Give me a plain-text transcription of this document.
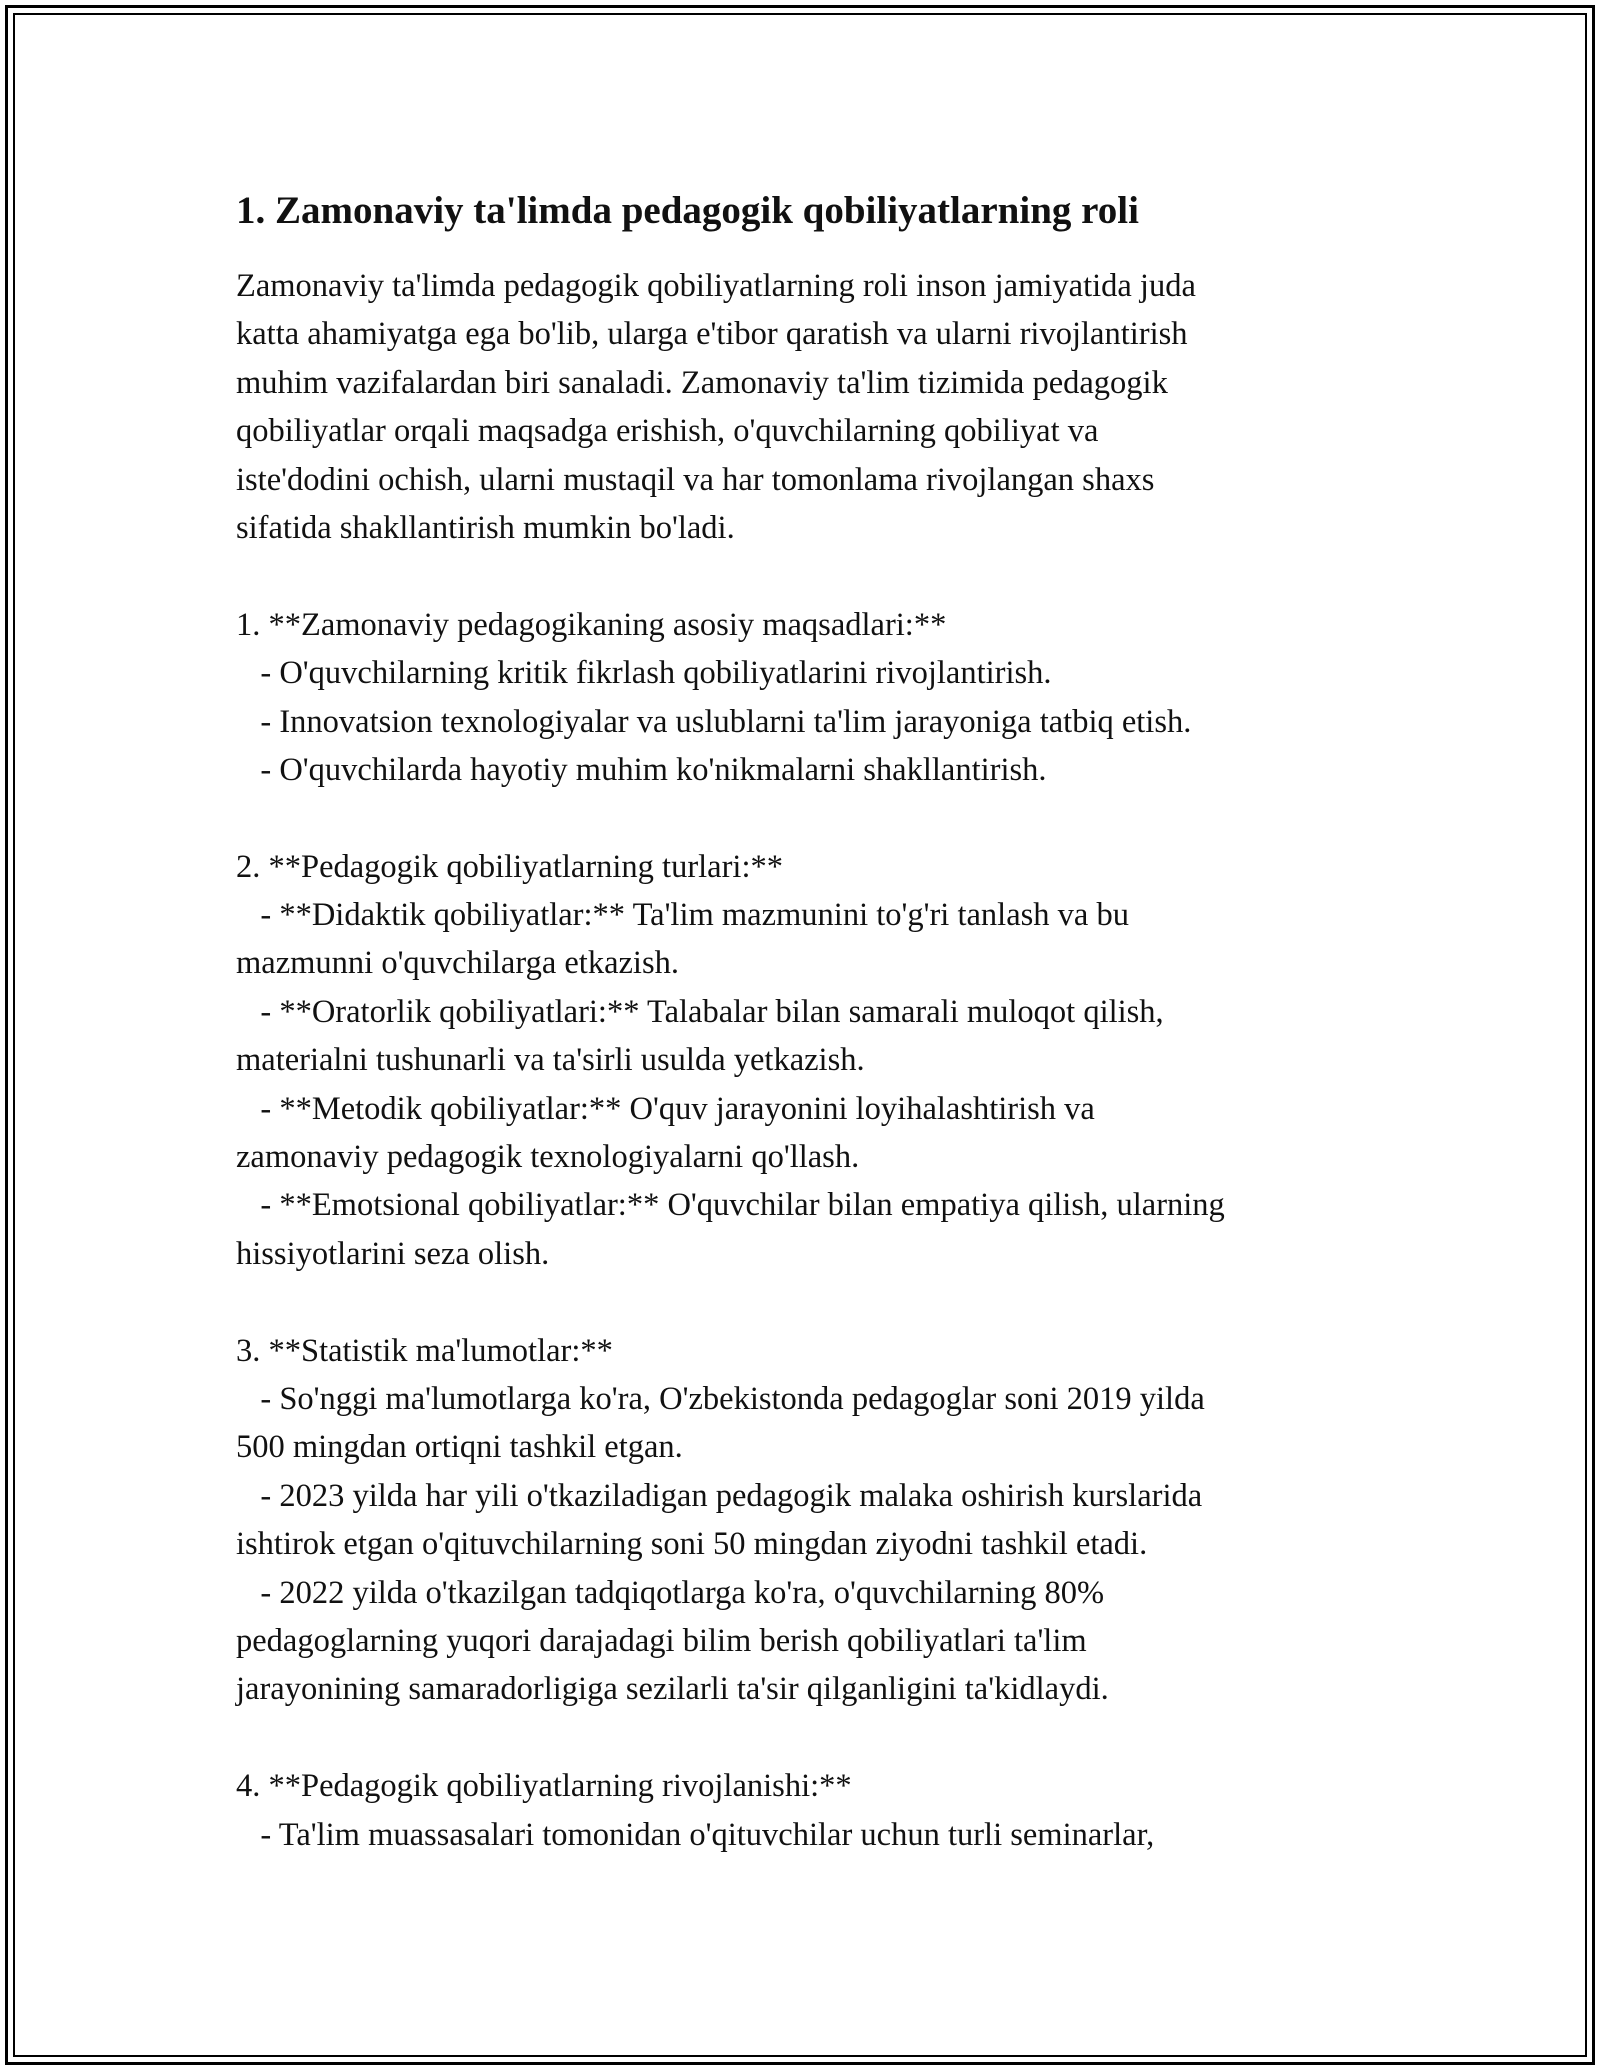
1. Zamonaviy ta'limda pedagogik qobiliyatlarning roli
Zamonaviy ta'limda pedagogik qobiliyatlarning roli inson jamiyatida juda
katta ahamiyatga ega bo'lib, ularga e'tibor qaratish va ularni rivojlantirish
muhim vazifalardan biri sanaladi. Zamonaviy ta'lim tizimida pedagogik
qobiliyatlar orqali maqsadga erishish, o'quvchilarning qobiliyat va
iste'dodini ochish, ularni mustaqil va har tomonlama rivojlangan shaxs
sifatida shakllantirish mumkin bo'ladi.
1. **Zamonaviy pedagogikaning asosiy maqsadlari:**
- O'quvchilarning kritik fikrlash qobiliyatlarini rivojlantirish.
- Innovatsion texnologiyalar va uslublarni ta'lim jarayoniga tatbiq etish.
- O'quvchilarda hayotiy muhim ko'nikmalarni shakllantirish.
2. **Pedagogik qobiliyatlarning turlari:**
- **Didaktik qobiliyatlar:** Ta'lim mazmunini to'g'ri tanlash va bu
mazmunni o'quvchilarga etkazish.
- **Oratorlik qobiliyatlari:** Talabalar bilan samarali muloqot qilish,
materialni tushunarli va ta'sirli usulda yetkazish.
- **Metodik qobiliyatlar:** O'quv jarayonini loyihalashtirish va
zamonaviy pedagogik texnologiyalarni qo'llash.
- **Emotsional qobiliyatlar:** O'quvchilar bilan empatiya qilish, ularning
hissiyotlarini seza olish.
3. **Statistik ma'lumotlar:**
- So'nggi ma'lumotlarga ko'ra, O'zbekistonda pedagoglar soni 2019 yilda
500 mingdan ortiqni tashkil etgan.
- 2023 yilda har yili o'tkaziladigan pedagogik malaka oshirish kurslarida
ishtirok etgan o'qituvchilarning soni 50 mingdan ziyodni tashkil etadi.
- 2022 yilda o'tkazilgan tadqiqotlarga ko'ra, o'quvchilarning 80%
pedagoglarning yuqori darajadagi bilim berish qobiliyatlari ta'lim
jarayonining samaradorligiga sezilarli ta'sir qilganligini ta'kidlaydi.
4. **Pedagogik qobiliyatlarning rivojlanishi:**
- Ta'lim muassasalari tomonidan o'qituvchilar uchun turli seminarlar,
